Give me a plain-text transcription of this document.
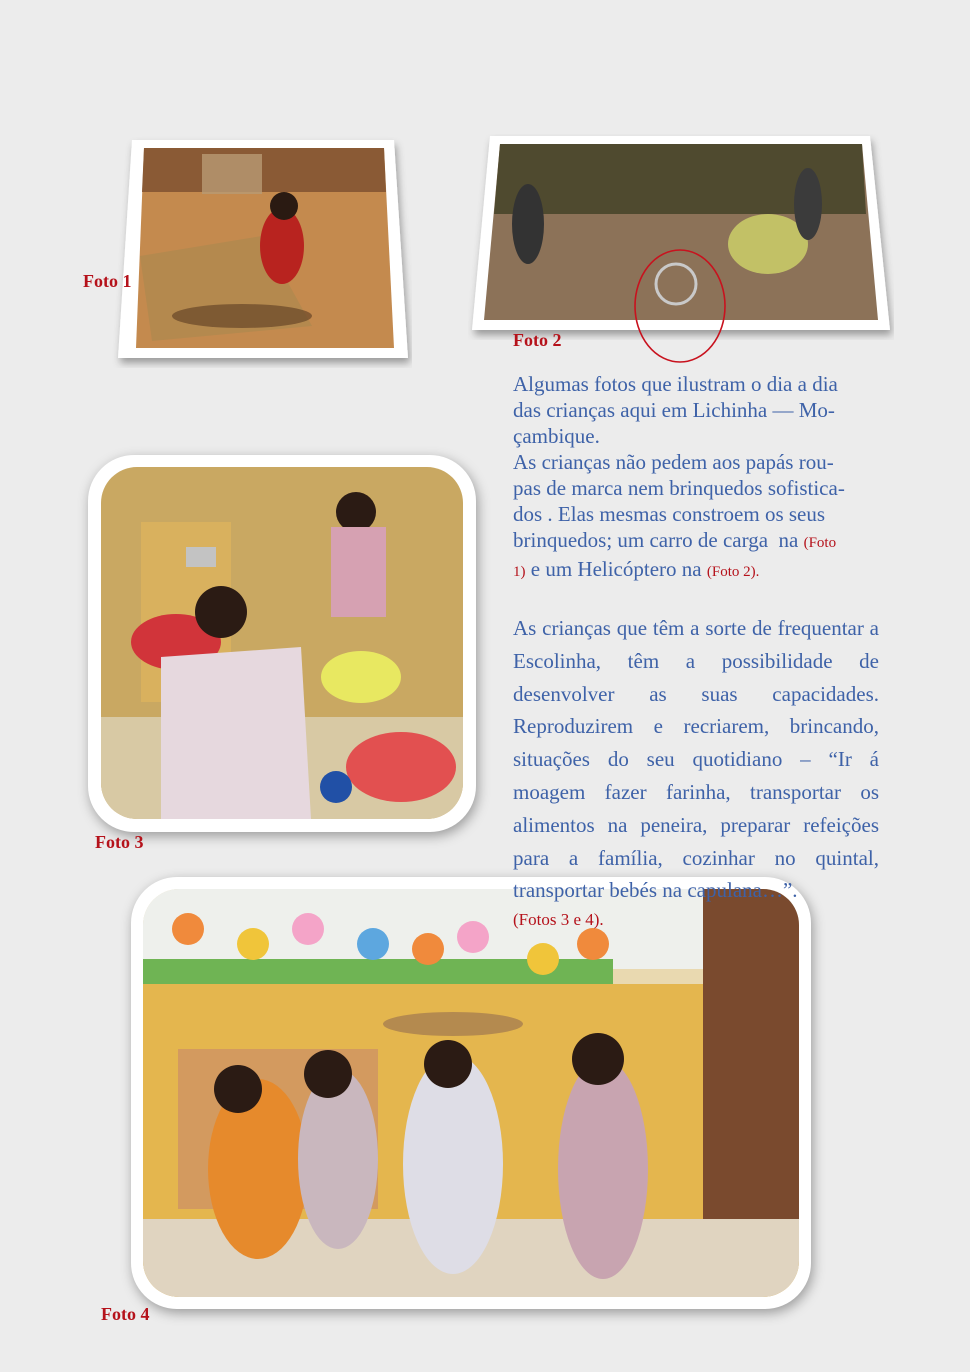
Foto 1
Foto 2
Algumas fotos que ilustram o dia a dia
das crianças aqui em Lichinha — Mo-
çambique.
As crianças não pedem aos papás rou-
pas de marca nem brinquedos sofistica-
dos . Elas mesmas constroem os seus
brinquedos; um carro de carga  na (Foto
1) e um Helicóptero na (Foto 2).
Foto 3
Foto 4
As crianças que têm a sorte de frequentar a Escolinha, têm a possibilidade de desenvolver as suas capacidades. Reproduzirem e recriarem, brincando, situações do seu quotidiano – “Ir á moagem fazer farinha, transportar os alimentos na peneira, preparar refeições para a família, cozinhar no quintal, transportar bebés na capulana…”.
(Fotos 3 e 4).
